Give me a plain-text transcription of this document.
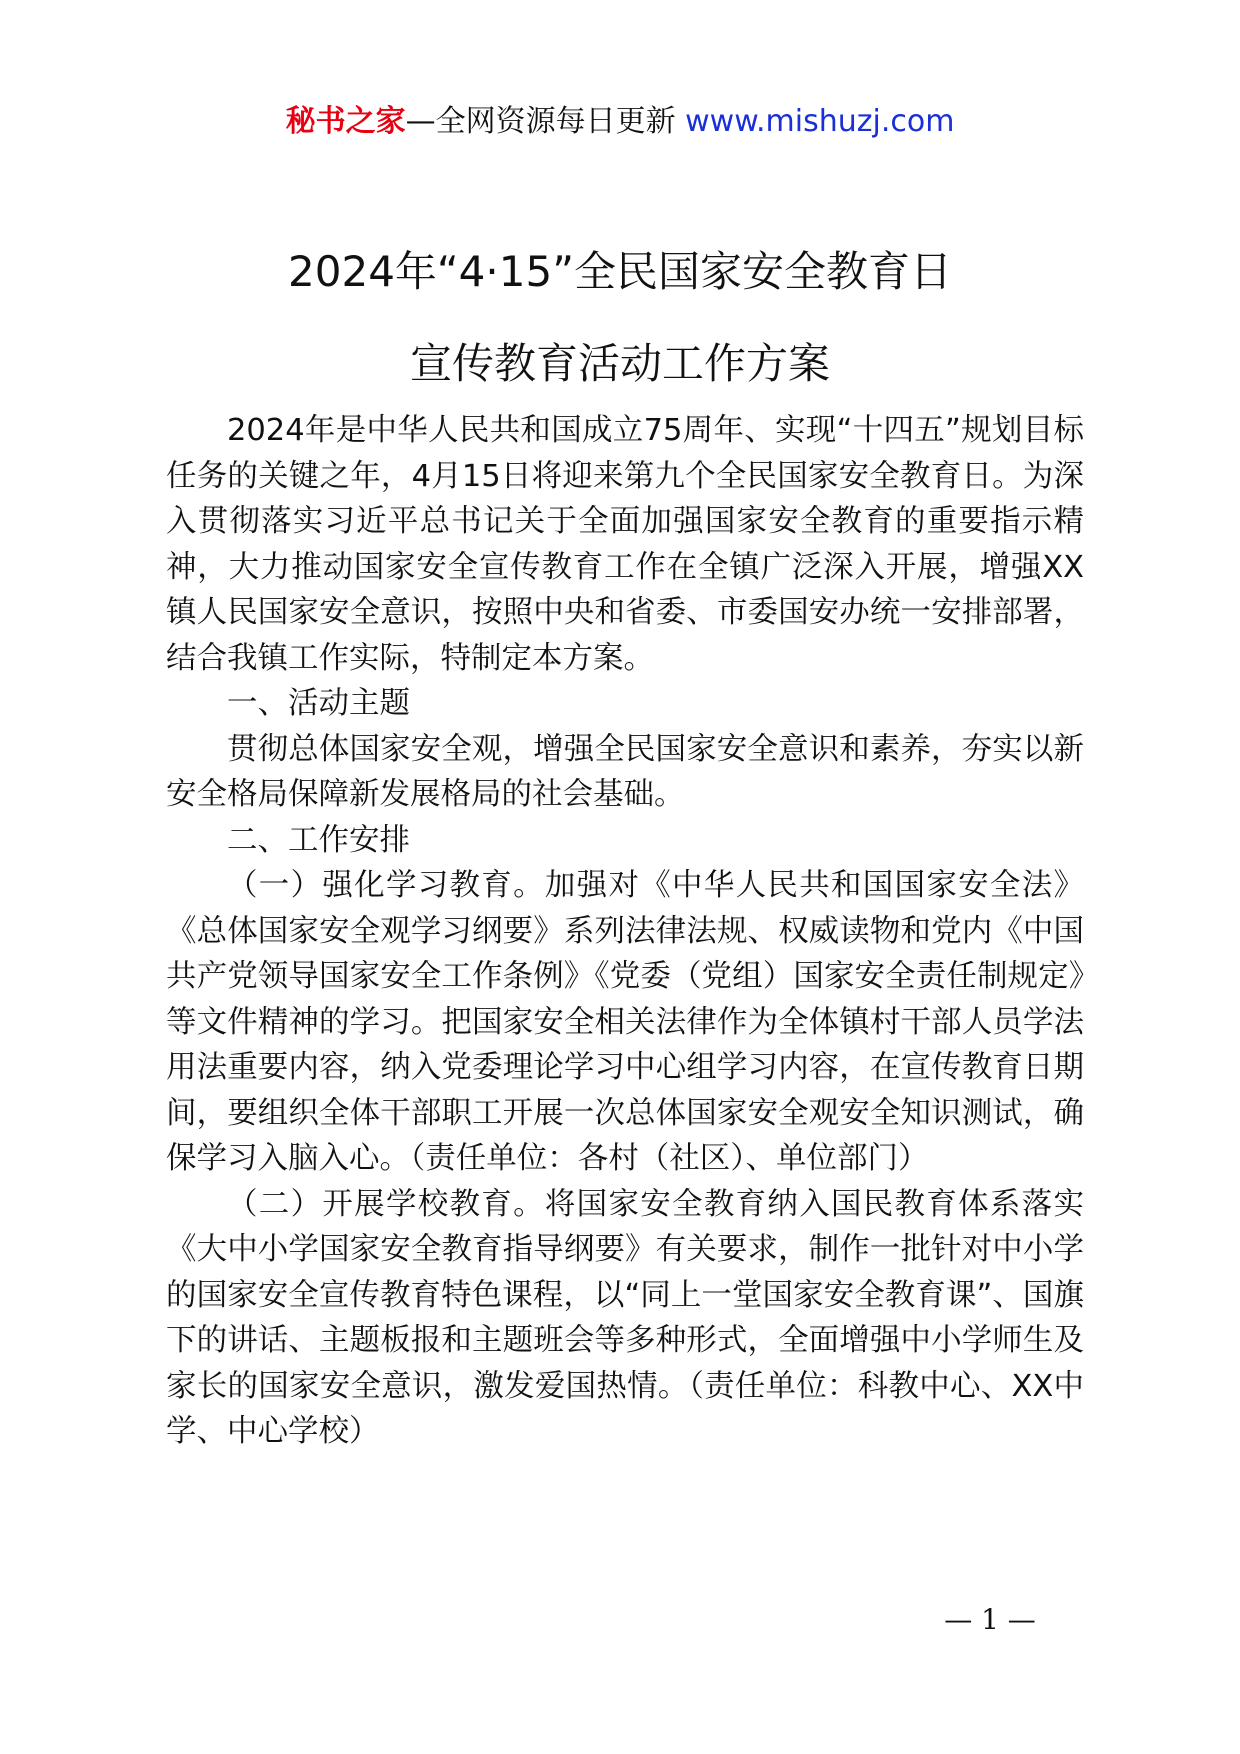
秘书之家—全网资源每日更新 www.mishuzj.com
2024年“4·15”全民国家安全教育日
宣传教育活动工作方案

2024年是中华人民共和国成立75周年、实现“十四五”规划目标任务的关键之年，4月15日将迎来第九个全民国家安全教育日。为深入贯彻落实习近平总书记关于全面加强国家安全教育的重要指示精神，大力推动国家安全宣传教育工作在全镇广泛深入开展，增强XX镇人民国家安全意识，按照中央和省委、市委国安办统一安排部署，结合我镇工作实际，特制定本方案。

一、活动主题

贯彻总体国家安全观，增强全民国家安全意识和素养，夯实以新安全格局保障新发展格局的社会基础。

二、工作安排

（一）强化学习教育。加强对《中华人民共和国国家安全法》《总体国家安全观学习纲要》系列法律法规、权威读物和党内《中国共产党领导国家安全工作条例》《党委（党组）国家安全责任制规定》等文件精神的学习。把国家安全相关法律作为全体镇村干部人员学法用法重要内容，纳入党委理论学习中心组学习内容，在宣传教育日期间，要组织全体干部职工开展一次总体国家安全观安全知识测试，确保学习入脑入心。（责任单位：各村（社区）、单位部门）

（二）开展学校教育。将国家安全教育纳入国民教育体系落实《大中小学国家安全教育指导纲要》有关要求，制作一批针对中小学的国家安全宣传教育特色课程，以“同上一堂国家安全教育课”、国旗下的讲话、主题板报和主题班会等多种形式，全面增强中小学师生及家长的国家安全意识，激发爱国热情。（责任单位：科教中心、XX中学、中心学校）

— 1 —
